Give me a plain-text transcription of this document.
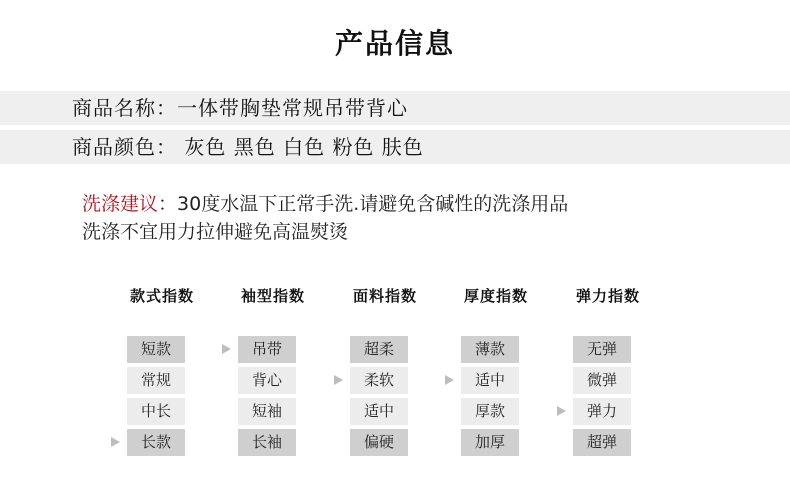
产品信息
商品名称：一体带胸垫常规吊带背心
商品颜色： 灰色 黑色 白色 粉色 肤色
洗涤建议：30度水温下正常手洗.请避免含碱性的洗涤用品
洗涤不宜用力拉伸避免高温熨烫
款式指数
短款
常规
中长
长款
袖型指数
吊带
背心
短袖
长袖
面料指数
超柔
柔软
适中
偏硬
厚度指数
薄款
适中
厚款
加厚
弹力指数
无弹
微弹
弹力
超弹
